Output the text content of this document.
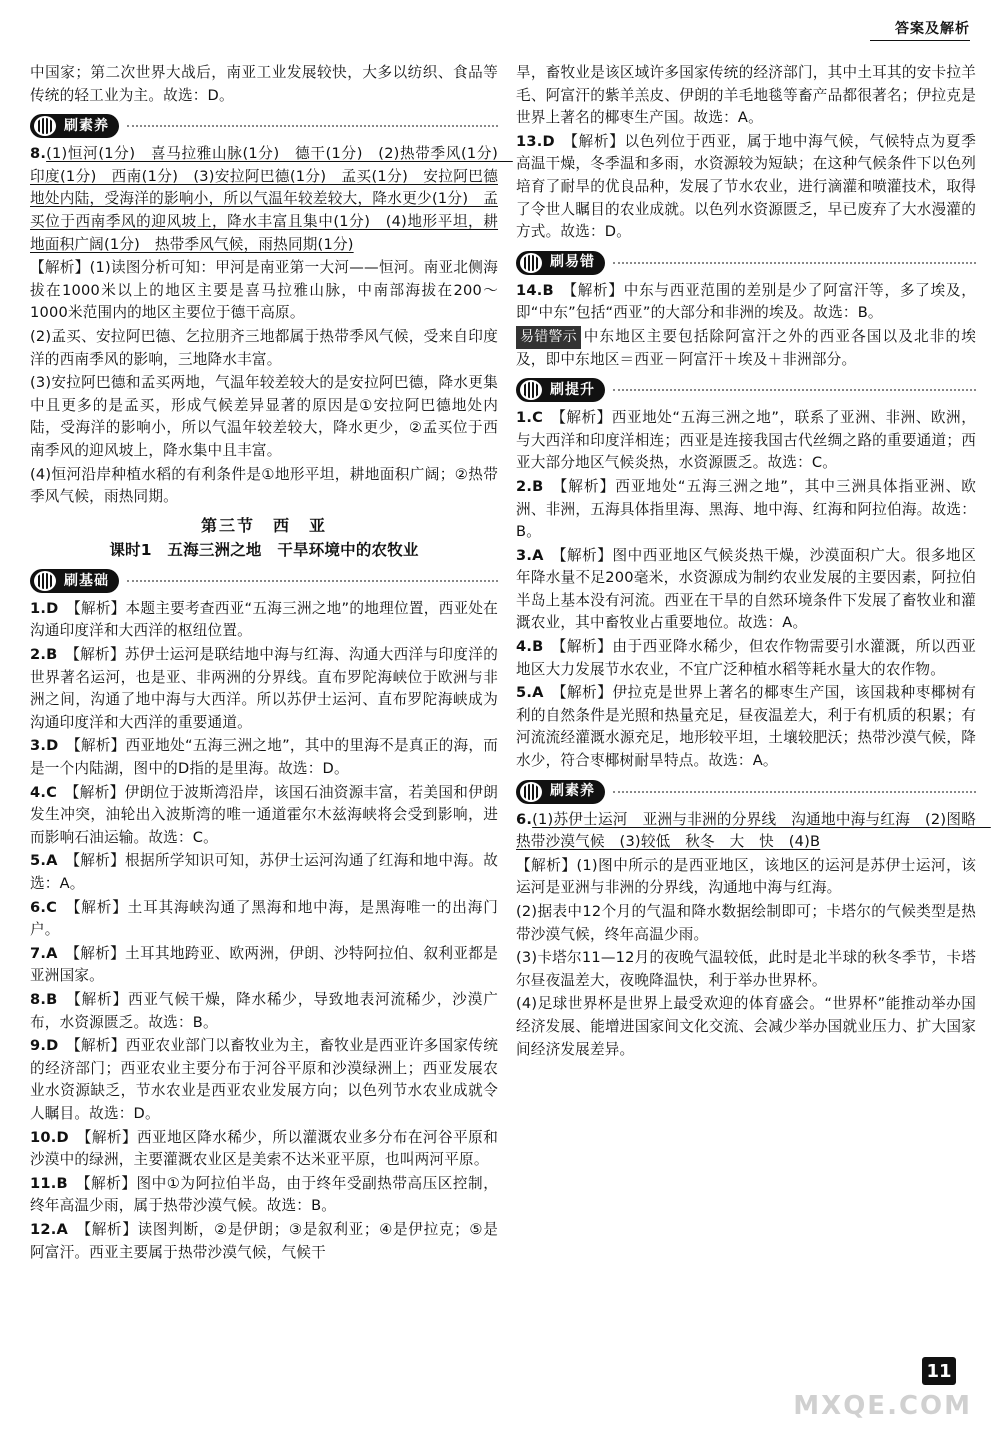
答案及解析

中国家；第二次世界大战后，南亚工业发展较快，大多以纺织、食品等传统的轻工业为主。故选：D。

刷素养

8.(1)恒河(1分)　喜马拉雅山脉(1分)　德干(1分)　(2)热带季风(1分)　印度(1分)　西南(1分)　(3)安拉阿巴德(1分)　孟买(1分)　安拉阿巴德地处内陆，受海洋的影响小，所以气温年较差较大，降水更少(1分)　孟买位于西南季风的迎风坡上，降水丰富且集中(1分)　(4)地形平坦，耕地面积广阔(1分)　热带季风气候，雨热同期(1分)

【解析】(1)读图分析可知：甲河是南亚第一大河——恒河。南亚北侧海拔在1000米以上的地区主要是喜马拉雅山脉，中南部海拔在200～1000米范围内的地区主要位于德干高原。

(2)孟买、安拉阿巴德、乞拉朋齐三地都属于热带季风气候，受来自印度洋的西南季风的影响，三地降水丰富。

(3)安拉阿巴德和孟买两地，气温年较差较大的是安拉阿巴德，降水更集中且更多的是孟买，形成气候差异显著的原因是①安拉阿巴德地处内陆，受海洋的影响小，所以气温年较差较大，降水更少，②孟买位于西南季风的迎风坡上，降水集中且丰富。

(4)恒河沿岸种植水稻的有利条件是①地形平坦，耕地面积广阔；②热带季风气候，雨热同期。

第三节　西　亚
课时1　五海三洲之地　干旱环境中的农牧业
刷基础

1.D　 【解析】本题主要考查西亚“五海三洲之地”的地理位置，西亚处在沟通印度洋和大西洋的枢纽位置。

2.B　 【解析】苏伊士运河是联结地中海与红海、沟通大西洋与印度洋的世界著名运河，也是亚、非两洲的分界线。直布罗陀海峡位于欧洲与非洲之间，沟通了地中海与大西洋。所以苏伊士运河、直布罗陀海峡成为沟通印度洋和大西洋的重要通道。

3.D　 【解析】西亚地处“五海三洲之地”，其中的里海不是真正的海，而是一个内陆湖，图中的D指的是里海。故选：D。

4.C　 【解析】伊朗位于波斯湾沿岸，该国石油资源丰富，若美国和伊朗发生冲突，油轮出入波斯湾的唯一通道霍尔木兹海峡将会受到影响，进而影响石油运输。故选：C。

5.A　 【解析】根据所学知识可知，苏伊士运河沟通了红海和地中海。故选：A。

6.C　 【解析】土耳其海峡沟通了黑海和地中海，是黑海唯一的出海门户。

7.A　 【解析】土耳其地跨亚、欧两洲，伊朗、沙特阿拉伯、叙利亚都是亚洲国家。

8.B　 【解析】西亚气候干燥，降水稀少，导致地表河流稀少，沙漠广布，水资源匮乏。故选：B。

9.D　 【解析】西亚农业部门以畜牧业为主，畜牧业是西亚许多国家传统的经济部门；西亚农业主要分布于河谷平原和沙漠绿洲上；西亚发展农业水资源缺乏，节水农业是西亚农业发展方向；以色列节水农业成就令人瞩目。故选：D。

10.D　 【解析】西亚地区降水稀少，所以灌溉农业多分布在河谷平原和沙漠中的绿洲，主要灌溉农业区是美索不达米亚平原，也叫两河平原。

11.B　 【解析】图中①为阿拉伯半岛，由于终年受副热带高压区控制，终年高温少雨，属于热带沙漠气候。故选：B。

12.A　 【解析】读图判断，②是伊朗；③是叙利亚；④是伊拉克；⑤是阿富汗。西亚主要属于热带沙漠气候，气候干

旱，畜牧业是该区域许多国家传统的经济部门，其中土耳其的安卡拉羊毛、阿富汗的紫羊羔皮、伊朗的羊毛地毯等畜产品都很著名；伊拉克是世界上著名的椰枣生产国。故选：A。

13.D　 【解析】以色列位于西亚，属于地中海气候，气候特点为夏季高温干燥，冬季温和多雨，水资源较为短缺；在这种气候条件下以色列培育了耐旱的优良品种，发展了节水农业，进行滴灌和喷灌技术，取得了令世人瞩目的农业成就。以色列水资源匮乏，早已废弃了大水漫灌的方式。故选：D。

刷易错

14.B　 【解析】中东与西亚范围的差别是少了阿富汗等，多了埃及，即“中东”包括“西亚”的大部分和非洲的埃及。故选：B。

易错警示 中东地区主要包括除阿富汗之外的西亚各国以及北非的埃及，即中东地区＝西亚－阿富汗＋埃及＋非洲部分。

刷提升

1.C　 【解析】西亚地处“五海三洲之地”，联系了亚洲、非洲、欧洲，与大西洋和印度洋相连；西亚是连接我国古代丝绸之路的重要通道；西亚大部分地区气候炎热，水资源匮乏。故选：C。

2.B　 【解析】西亚地处“五海三洲之地”，其中三洲具体指亚洲、欧洲、非洲，五海具体指里海、黑海、地中海、红海和阿拉伯海。故选：B。

3.A　 【解析】图中西亚地区气候炎热干燥，沙漠面积广大。很多地区年降水量不足200毫米，水资源成为制约农业发展的主要因素，阿拉伯半岛上基本没有河流。西亚在干旱的自然环境条件下发展了畜牧业和灌溉农业，其中畜牧业占重要地位。故选：A。

4.B　 【解析】由于西亚降水稀少，但农作物需要引水灌溉，所以西亚地区大力发展节水农业，不宜广泛种植水稻等耗水量大的农作物。

5.A　 【解析】伊拉克是世界上著名的椰枣生产国，该国栽种枣椰树有利的自然条件是光照和热量充足，昼夜温差大，利于有机质的积累；有河流流经灌溉水源充足，地形较平坦，土壤较肥沃；热带沙漠气候，降水少，符合枣椰树耐旱特点。故选：A。

刷素养

6.(1)苏伊士运河　亚洲与非洲的分界线　沟通地中海与红海　(2)图略　热带沙漠气候　(3)较低　秋冬　大　快　(4)B

【解析】(1)图中所示的是西亚地区，该地区的运河是苏伊士运河，该运河是亚洲与非洲的分界线，沟通地中海与红海。

(2)据表中12个月的气温和降水数据绘制即可；卡塔尔的气候类型是热带沙漠气候，终年高温少雨。

(3)卡塔尔11—12月的夜晚气温较低，此时是北半球的秋冬季节，卡塔尔昼夜温差大，夜晚降温快，利于举办世界杯。

(4)足球世界杯是世界上最受欢迎的体育盛会。“世界杯”能推动举办国经济发展、能增进国家间文化交流、会减少举办国就业压力、扩大国家间经济发展差异。

11
MXQE.COM
